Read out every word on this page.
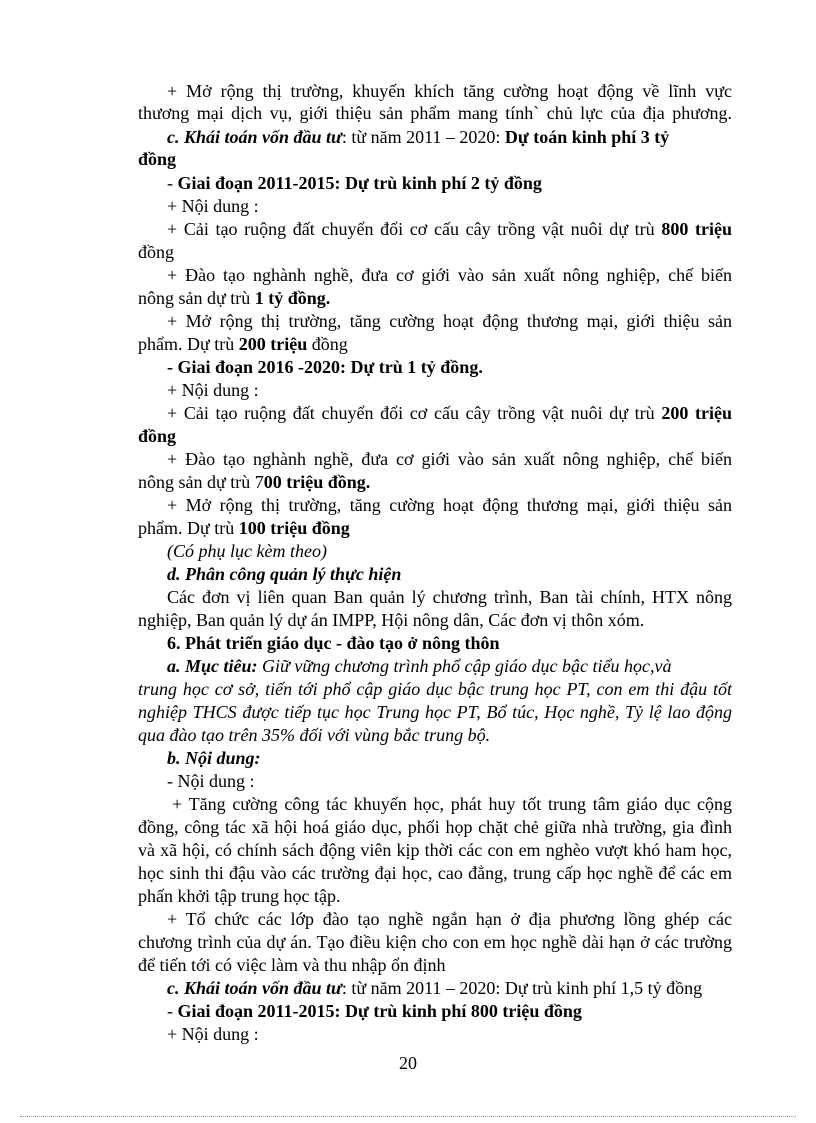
+ Mở rộng thị trường, khuyến khích tăng cường hoạt động về lĩnh vực
thương mại dịch vụ, giới thiệu sản phẩm mang tính` chủ lực của địa phương.
c. Khái toán vốn đầu tư: từ năm 2011 – 2020: Dự toán kinh phí 3 tỷ
đồng
- Giai đoạn 2011-2015: Dự trù kinh phí 2 tỷ đồng
+ Nội dung :
+ Cải tạo ruộng đất chuyển đổi cơ cấu cây trồng vật nuôi dự trù 800 triệu
đồng
+ Đào tạo nghành nghề, đưa cơ giới vào sản xuất nông nghiệp, chế biến
nông sản dự trù 1 tỷ đồng.
+ Mở rộng thị trường, tăng cường hoạt động thương mại, giới thiệu sản
phẩm. Dự trù 200 triệu đồng
- Giai đoạn 2016 -2020: Dự trù 1 tỷ đồng.
+ Nội dung :
+ Cải tạo ruộng đất chuyển đổi cơ cấu cây trồng vật nuôi dự trù 200 triệu
đồng
+ Đào tạo nghành nghề, đưa cơ giới vào sản xuất nông nghiệp, chế biến
nông sản dự trù 700 triệu đồng.
+ Mở rộng thị trường, tăng cường hoạt động thương mại, giới thiệu sản
phẩm. Dự trù 100 triệu đồng
(Có phụ lục kèm theo)
d. Phân công quản lý thực hiện
Các đơn vị liên quan Ban quản lý chương trình, Ban tài chính, HTX nông
nghiệp, Ban quản lý dự án IMPP, Hội nông dân, Các đơn vị thôn xóm.
6. Phát triển giáo dục - đào tạo ở nông thôn
a. Mục tiêu: Giữ vững chương trình phổ cập giáo dục bậc tiểu học,và
trung học cơ sở, tiến tới phổ cập giáo dục bậc trung học PT, con em thi đậu tốt
nghiệp THCS được tiếp tục học Trung học PT, Bổ túc, Học nghề, Tỷ lệ lao động
qua đào tạo trên 35% đối với vùng bắc trung bộ.
b. Nội dung:
- Nội dung :
+ Tăng cường công tác khuyến học, phát huy tốt trung tâm giáo dục cộng
đồng, công tác xã hội hoá giáo dục, phối họp chặt chẻ giữa nhà trường, gia đình
và xã hội, có chính sách động viên kịp thời các con em nghèo vượt khó ham học,
học sinh thi đậu vào các trường đại học, cao đẳng, trung cấp học nghề để các em
phấn khởi tập trung học tập.
+ Tổ chức các lớp đào tạo nghề ngắn hạn ở địa phương lồng ghép các
chương trình của dự án. Tạo điều kiện cho con em học nghề dài hạn ở các trường
để tiến tới có việc làm và thu nhập ổn định
c. Khái toán vốn đầu tư: từ năm 2011 – 2020: Dự trù kinh phí 1,5 tỷ đồng
- Giai đoạn 2011-2015: Dự trù kinh phí 800 triệu đồng
+ Nội dung :
20
